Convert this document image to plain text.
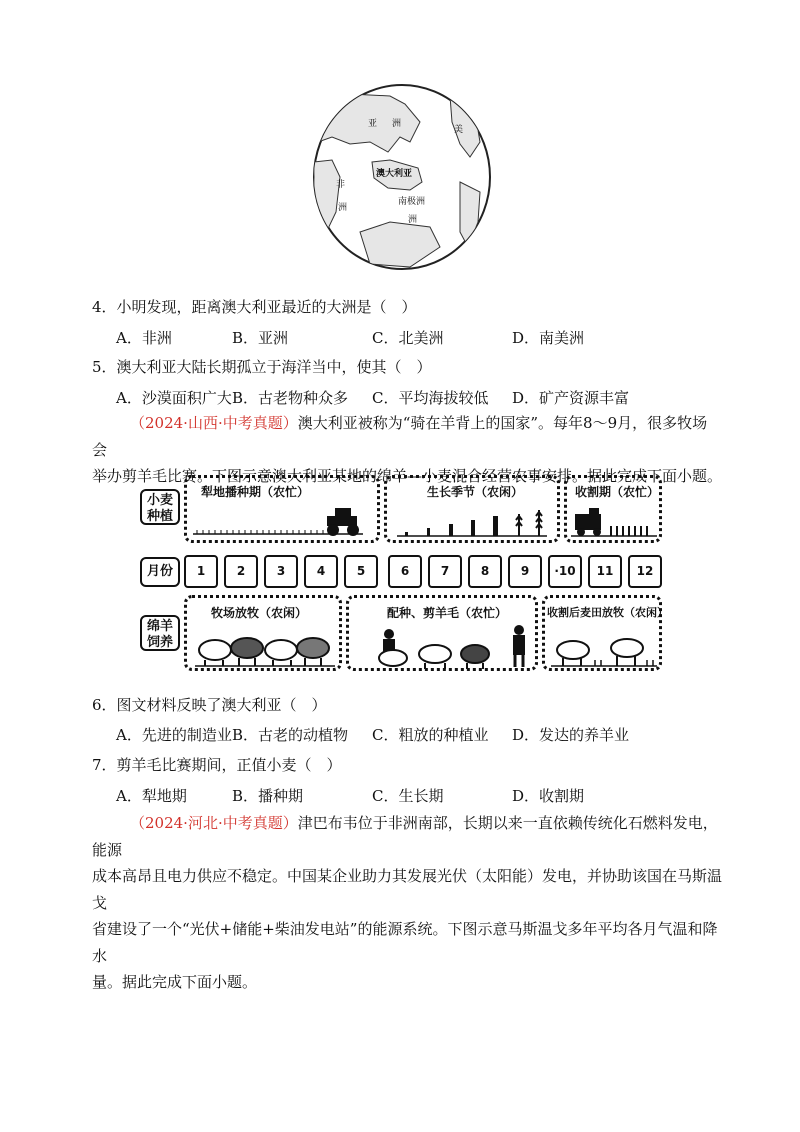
亚 洲
美
非
澳大利亚
洲
南极 洲
洲
4．小明发现，距离澳大利亚最近的大洲是（　）
A．非洲	B．亚洲	C．北美洲	D．南美洲
5．澳大利亚大陆长期孤立于海洋当中，使其（　）
A．沙漠面积广大 B．古老物种众多 C．平均海拔较低 D．矿产资源丰富
（2024·山西·中考真题）澳大利亚被称为“骑在羊背上的国家”。每年8～9月，很多牧场会
举办剪羊毛比赛。下图示意澳大利亚某地的绵羊—小麦混合经营农事安排。据此完成下面小题。
小麦种植
月份
绵羊饲养
犁地播种期（农忙）	生长季节（农闲）	收割期（农忙）
1	2	3	4	5	6	7	8	9	·10	11	12
牧场放牧（农闲）	配种、剪羊毛（农忙）	收割后麦田放牧（农闲）
6．图文材料反映了澳大利亚（　）
A．先进的制造业 B．古老的动植物 C．粗放的种植业 D．发达的养羊业
7．剪羊毛比赛期间，正值小麦（　）
A．犁地期	B．播种期	C．生长期	D．收割期
（2024·河北·中考真题）津巴布韦位于非洲南部，长期以来一直依赖传统化石燃料发电，能源
成本高昂且电力供应不稳定。中国某企业助力其发展光伏（太阳能）发电，并协助该国在马斯温戈
省建设了一个“光伏+储能+柴油发电站”的能源系统。下图示意马斯温戈多年平均各月气温和降水
量。据此完成下面小题。
